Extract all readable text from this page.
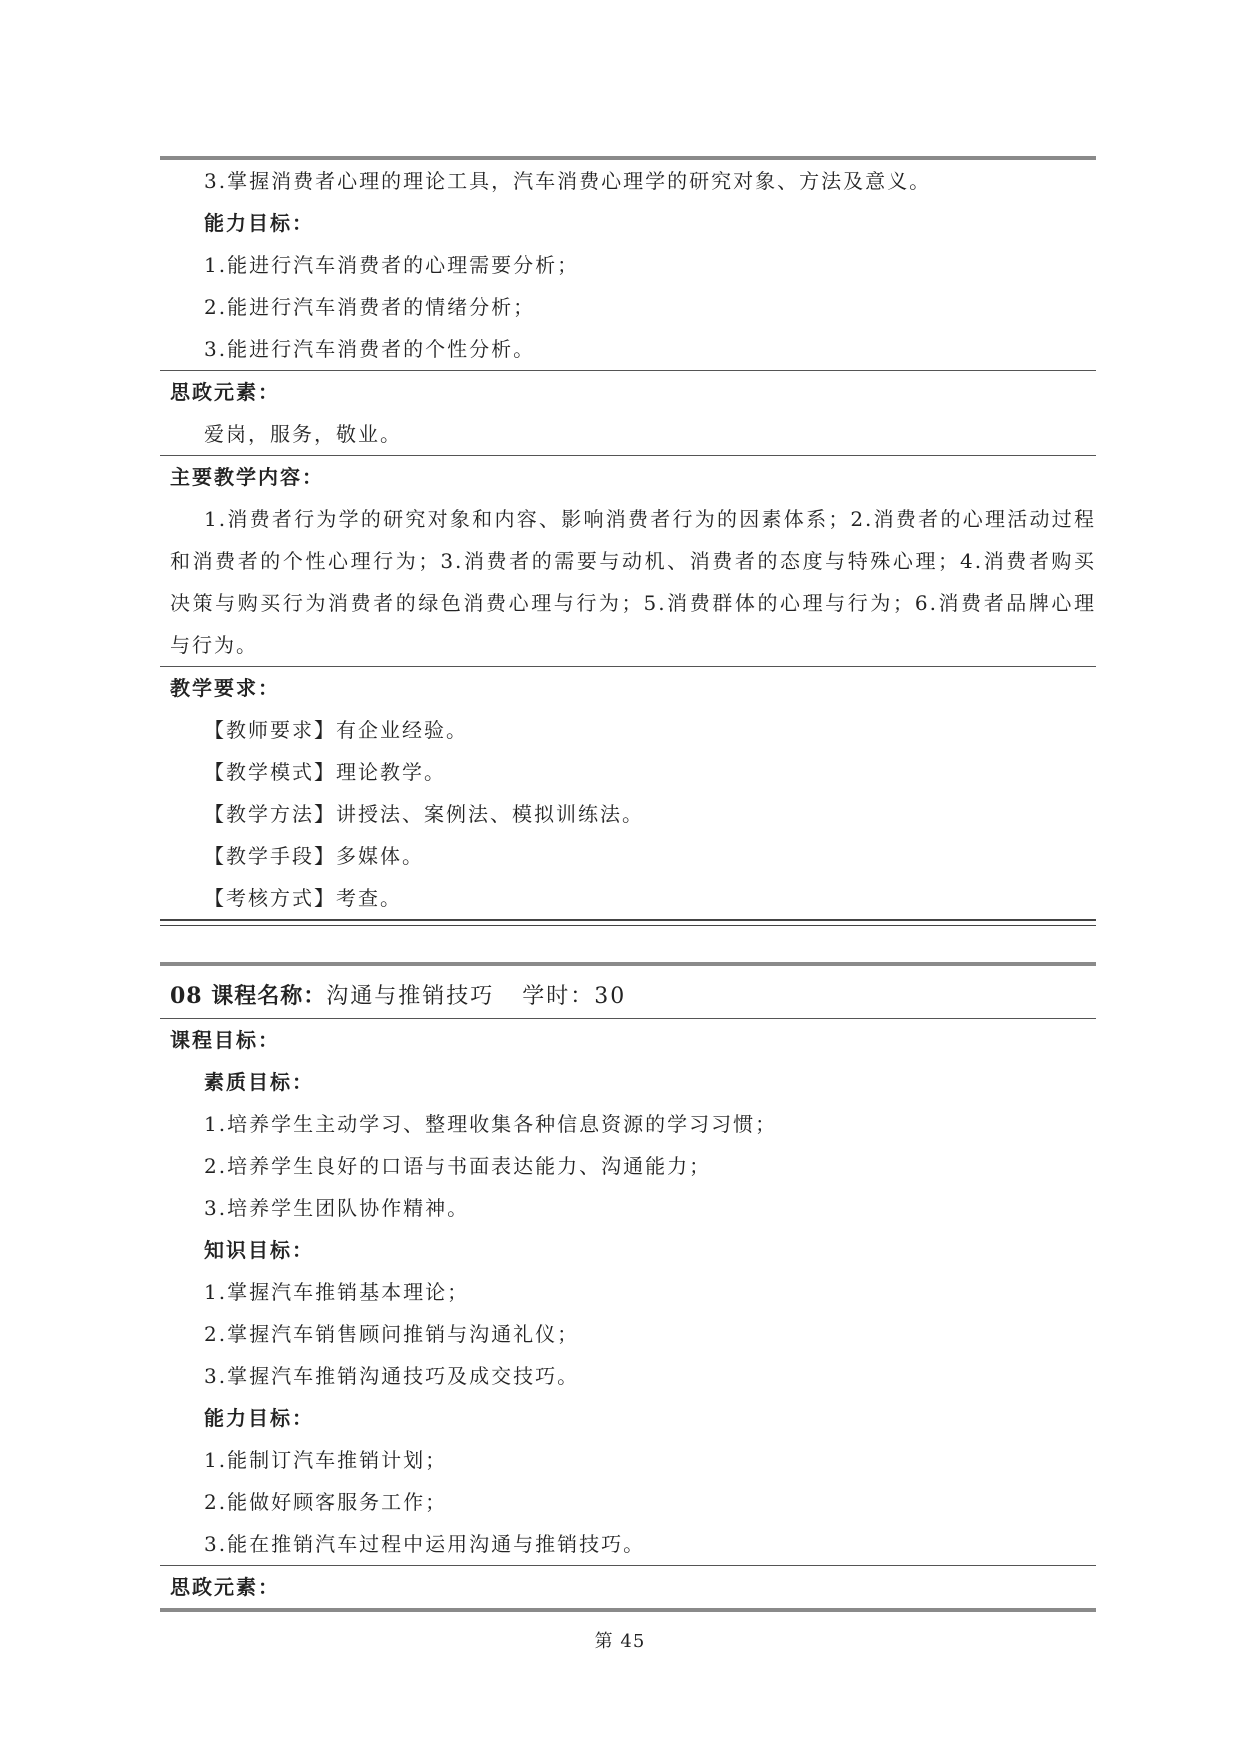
3.掌握消费者心理的理论工具，汽车消费心理学的研究对象、方法及意义。
能力目标：
1.能进行汽车消费者的心理需要分析；
2.能进行汽车消费者的情绪分析；
3.能进行汽车消费者的个性分析。
思政元素：
爱岗，服务，敬业。
主要教学内容：
1.消费者行为学的研究对象和内容、影响消费者行为的因素体系；2.消费者的心理活动过程和消费者的个性心理行为；3.消费者的需要与动机、消费者的态度与特殊心理；4.消费者购买决策与购买行为消费者的绿色消费心理与行为；5.消费群体的心理与行为；6.消费者品牌心理与行为。
教学要求：
【教师要求】有企业经验。
【教学模式】理论教学。
【教学方法】讲授法、案例法、模拟训练法。
【教学手段】多媒体。
【考核方式】考查。
08 课程名称：沟通与推销技巧 学时：30
课程目标：
素质目标：
1.培养学生主动学习、整理收集各种信息资源的学习习惯；
2.培养学生良好的口语与书面表达能力、沟通能力；
3.培养学生团队协作精神。
知识目标：
1.掌握汽车推销基本理论；
2.掌握汽车销售顾问推销与沟通礼仪；
3.掌握汽车推销沟通技巧及成交技巧。
能力目标：
1.能制订汽车推销计划；
2.能做好顾客服务工作；
3.能在推销汽车过程中运用沟通与推销技巧。
思政元素：
第 45
